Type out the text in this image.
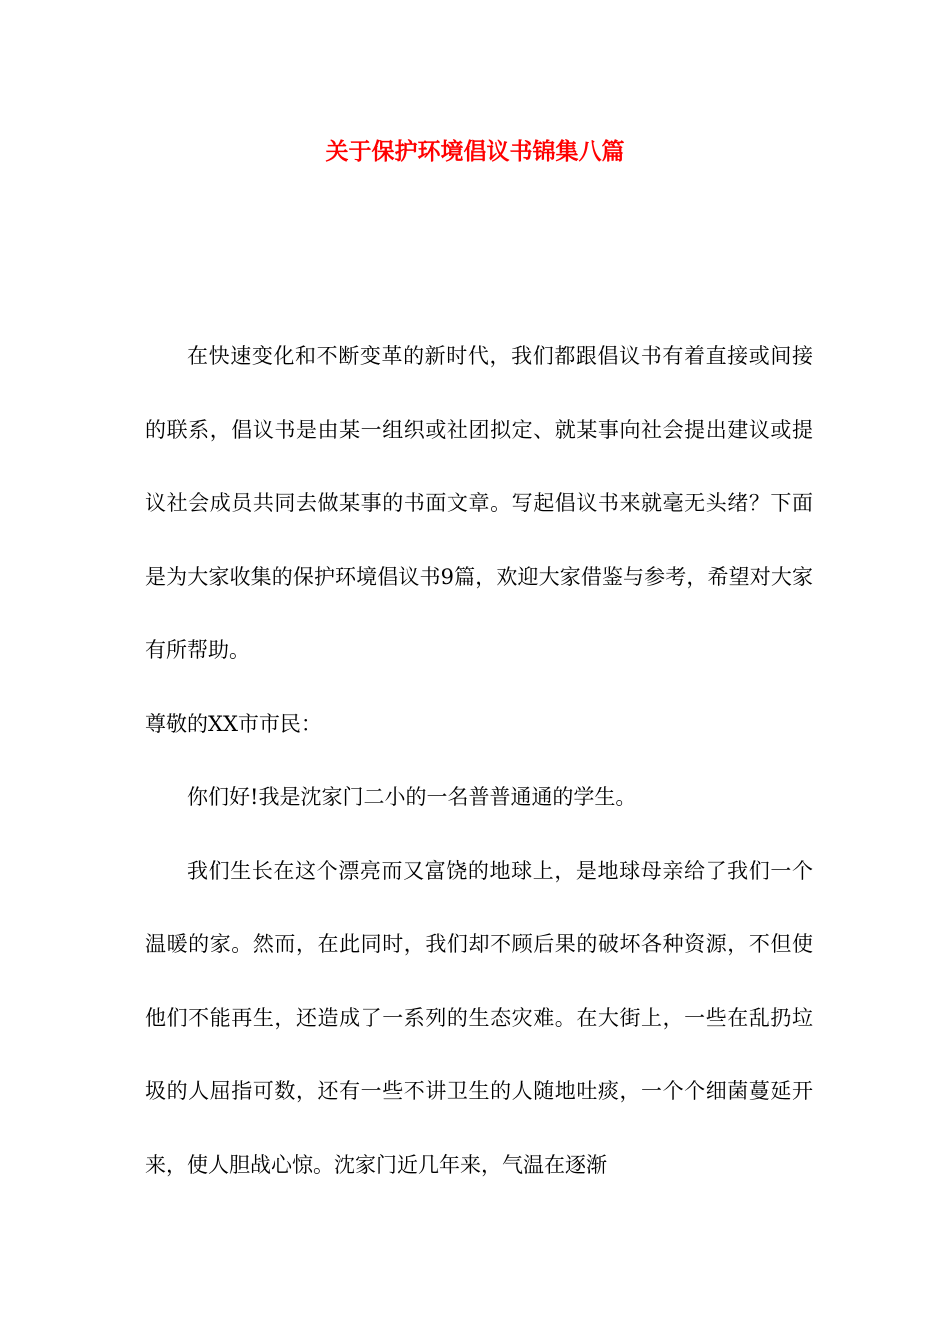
关于保护环境倡议书锦集八篇

在快速变化和不断变革的新时代，我们都跟倡议书有着直接或间接的联系，倡议书是由某一组织或社团拟定、就某事向社会提出建议或提议社会成员共同去做某事的书面文章。写起倡议书来就毫无头绪？下面是为大家收集的保护环境倡议书9篇，欢迎大家借鉴与参考，希望对大家有所帮助。

尊敬的XX市市民：

你们好!我是沈家门二小的一名普普通通的学生。

我们生长在这个漂亮而又富饶的地球上，是地球母亲给了我们一个温暖的家。然而，在此同时，我们却不顾后果的破坏各种资源，不但使他们不能再生，还造成了一系列的生态灾难。在大街上，一些在乱扔垃圾的人屈指可数，还有一些不讲卫生的人随地吐痰，一个个细菌蔓延开来，使人胆战心惊。沈家门近几年来，气温在逐渐
